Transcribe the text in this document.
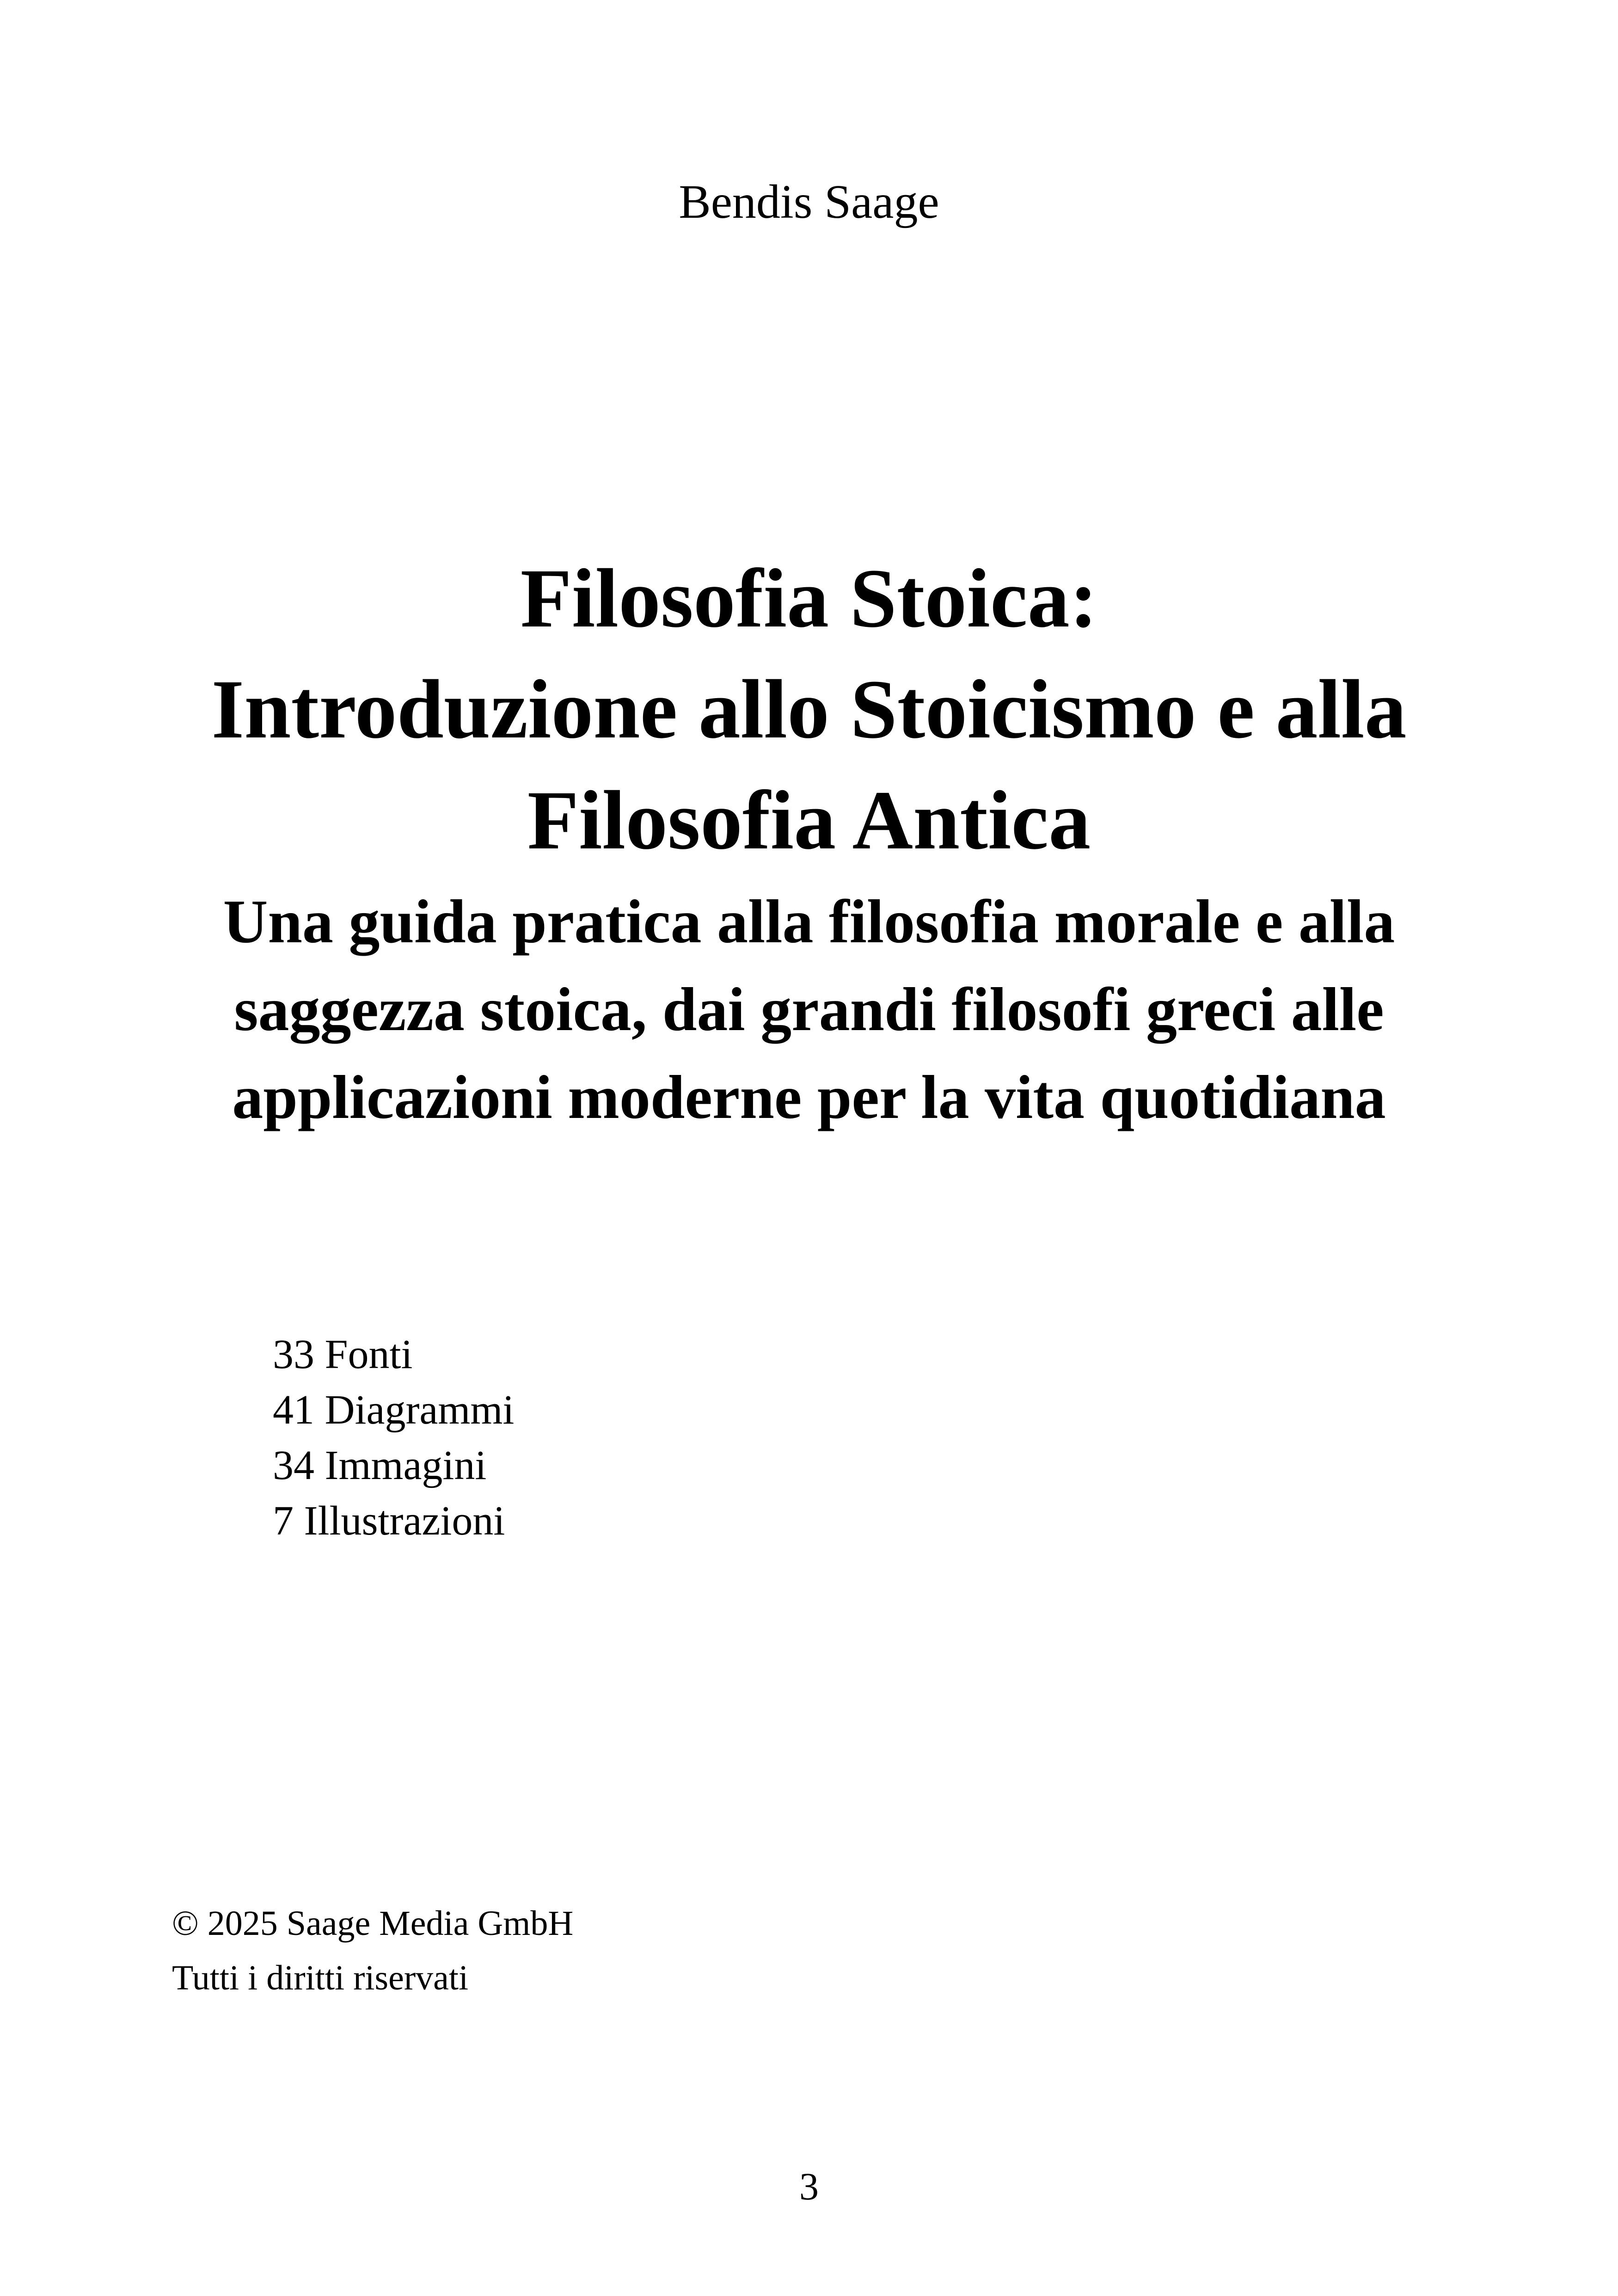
Bendis Saage
Filosofia Stoica:
Introduzione allo Stoicismo e alla
Filosofia Antica
Una guida pratica alla filosofia morale e alla
saggezza stoica, dai grandi filosofi greci alle
applicazioni moderne per la vita quotidiana
33 Fonti
41 Diagrammi
34 Immagini
7 Illustrazioni
© 2025 Saage Media GmbH
Tutti i diritti riservati
3
